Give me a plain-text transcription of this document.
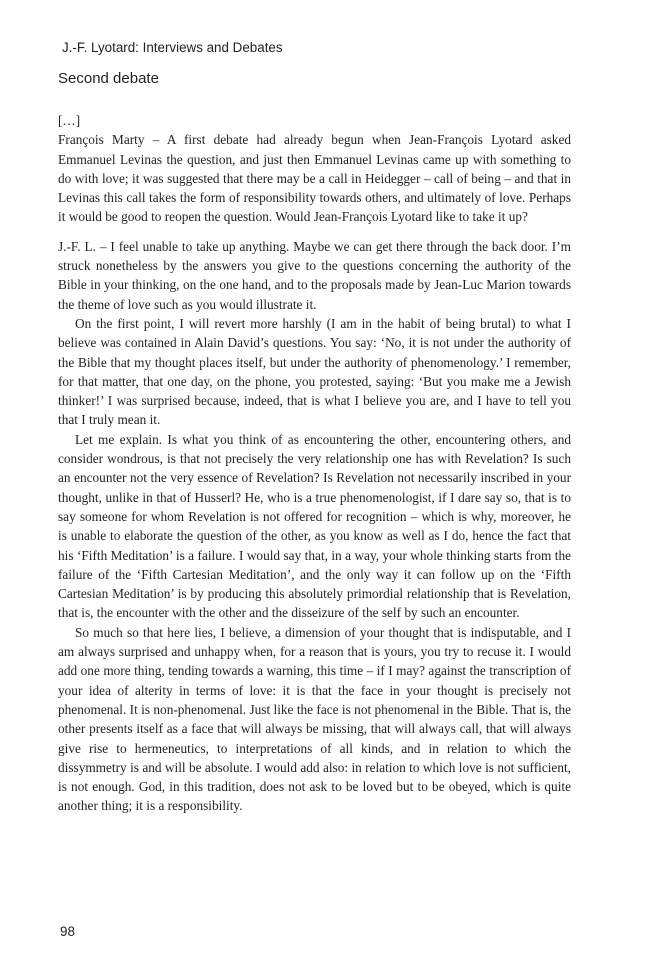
J.-F. Lyotard: Interviews and Debates
Second debate

[…]

François Marty – A first debate had already begun when Jean-François Lyotard asked Emmanuel Levinas the question, and just then Emmanuel Levinas came up with something to do with love; it was suggested that there may be a call in Heidegger – call of being – and that in Levinas this call takes the form of responsibility towards others, and ultimately of love. Perhaps it would be good to reopen the question. Would Jean-François Lyotard like to take it up?

J.-F. L. – I feel unable to take up anything. Maybe we can get there through the back door. I’m struck nonetheless by the answers you give to the questions concerning the authority of the Bible in your thinking, on the one hand, and to the proposals made by Jean-Luc Marion towards the theme of love such as you would illustrate it.

On the first point, I will revert more harshly (I am in the habit of being brutal) to what I believe was contained in Alain David’s questions. You say: ‘No, it is not under the authority of the Bible that my thought places itself, but under the authority of phenomenology.’ I remember, for that matter, that one day, on the phone, you protested, saying: ‘But you make me a Jewish thinker!’ I was surprised because, indeed, that is what I believe you are, and I have to tell you that I truly mean it.

Let me explain. Is what you think of as encountering the other, encountering others, and consider wondrous, is that not precisely the very relationship one has with Revelation? Is such an encounter not the very essence of Revelation? Is Revelation not necessarily inscribed in your thought, unlike in that of Husserl? He, who is a true phenomenologist, if I dare say so, that is to say someone for whom Revelation is not offered for recognition – which is why, moreover, he is unable to elaborate the question of the other, as you know as well as I do, hence the fact that his ‘Fifth Meditation’ is a failure. I would say that, in a way, your whole thinking starts from the failure of the ‘Fifth Cartesian Meditation’, and the only way it can follow up on the ‘Fifth Cartesian Meditation’ is by producing this absolutely primordial relationship that is Revelation, that is, the encounter with the other and the disseizure of the self by such an encounter.

So much so that here lies, I believe, a dimension of your thought that is indisputable, and I am always surprised and unhappy when, for a reason that is yours, you try to recuse it. I would add one more thing, tending towards a warning, this time – if I may? against the transcription of your idea of alterity in terms of love: it is that the face in your thought is precisely not phenomenal. It is non-phenomenal. Just like the face is not phenomenal in the Bible. That is, the other presents itself as a face that will always be missing, that will always call, that will always give rise to hermeneutics, to interpretations of all kinds, and in relation to which the dissymmetry is and will be absolute. I would add also: in relation to which love is not sufficient, is not enough. God, in this tradition, does not ask to be loved but to be obeyed, which is quite another thing; it is a responsibility.

98
